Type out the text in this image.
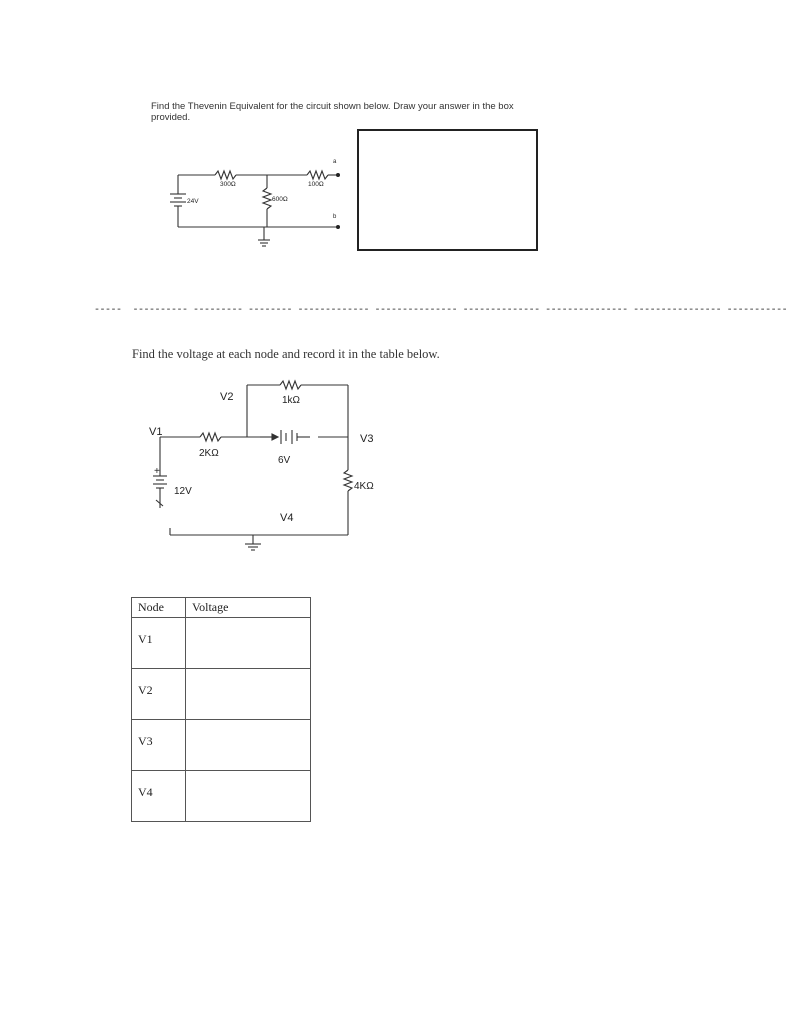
Find the Thevenin Equivalent for the circuit shown below. Draw your answer in the box provided.
300Ω	100Ω
600Ω
24V
a
b
-----  ---------- --------- -------- ------------- --------------- -------------- --------------- ---------------- -----------
Find the voltage at each node and record it in the table below.
V2	1kΩ
V1
2KΩ
6V
V3
4KΩ
+
12V
V4
Node	Voltage
V1	
V2	
V3	
V4	
